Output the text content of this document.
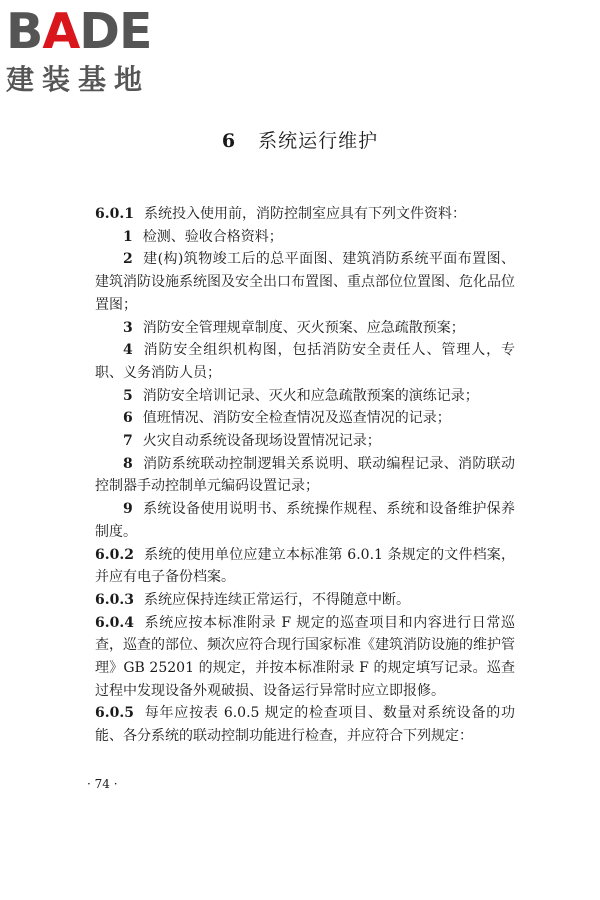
BADE
建装基地
6 系统运行维护

6.0.1 系统投入使用前，消防控制室应具有下列文件资料：

1 检测、验收合格资料；

2 建(构)筑物竣工后的总平面图、建筑消防系统平面布置图、建筑消防设施系统图及安全出口布置图、重点部位位置图、危化品位置图；

3 消防安全管理规章制度、灭火预案、应急疏散预案；

4 消防安全组织机构图，包括消防安全责任人、管理人，专职、义务消防人员；

5 消防安全培训记录、灭火和应急疏散预案的演练记录；

6 值班情况、消防安全检查情况及巡查情况的记录；

7 火灾自动系统设备现场设置情况记录；

8 消防系统联动控制逻辑关系说明、联动编程记录、消防联动控制器手动控制单元编码设置记录；

9 系统设备使用说明书、系统操作规程、系统和设备维护保养制度。

6.0.2 系统的使用单位应建立本标准第 6.0.1 条规定的文件档案，并应有电子备份档案。

6.0.3 系统应保持连续正常运行，不得随意中断。

6.0.4 系统应按本标准附录 F 规定的巡查项目和内容进行日常巡查，巡查的部位、频次应符合现行国家标准《建筑消防设施的维护管理》GB 25201 的规定，并按本标准附录 F 的规定填写记录。巡查过程中发现设备外观破损、设备运行异常时应立即报修。

6.0.5 每年应按表 6.0.5 规定的检查项目、数量对系统设备的功能、各分系统的联动控制功能进行检查，并应符合下列规定：

· 74 ·
